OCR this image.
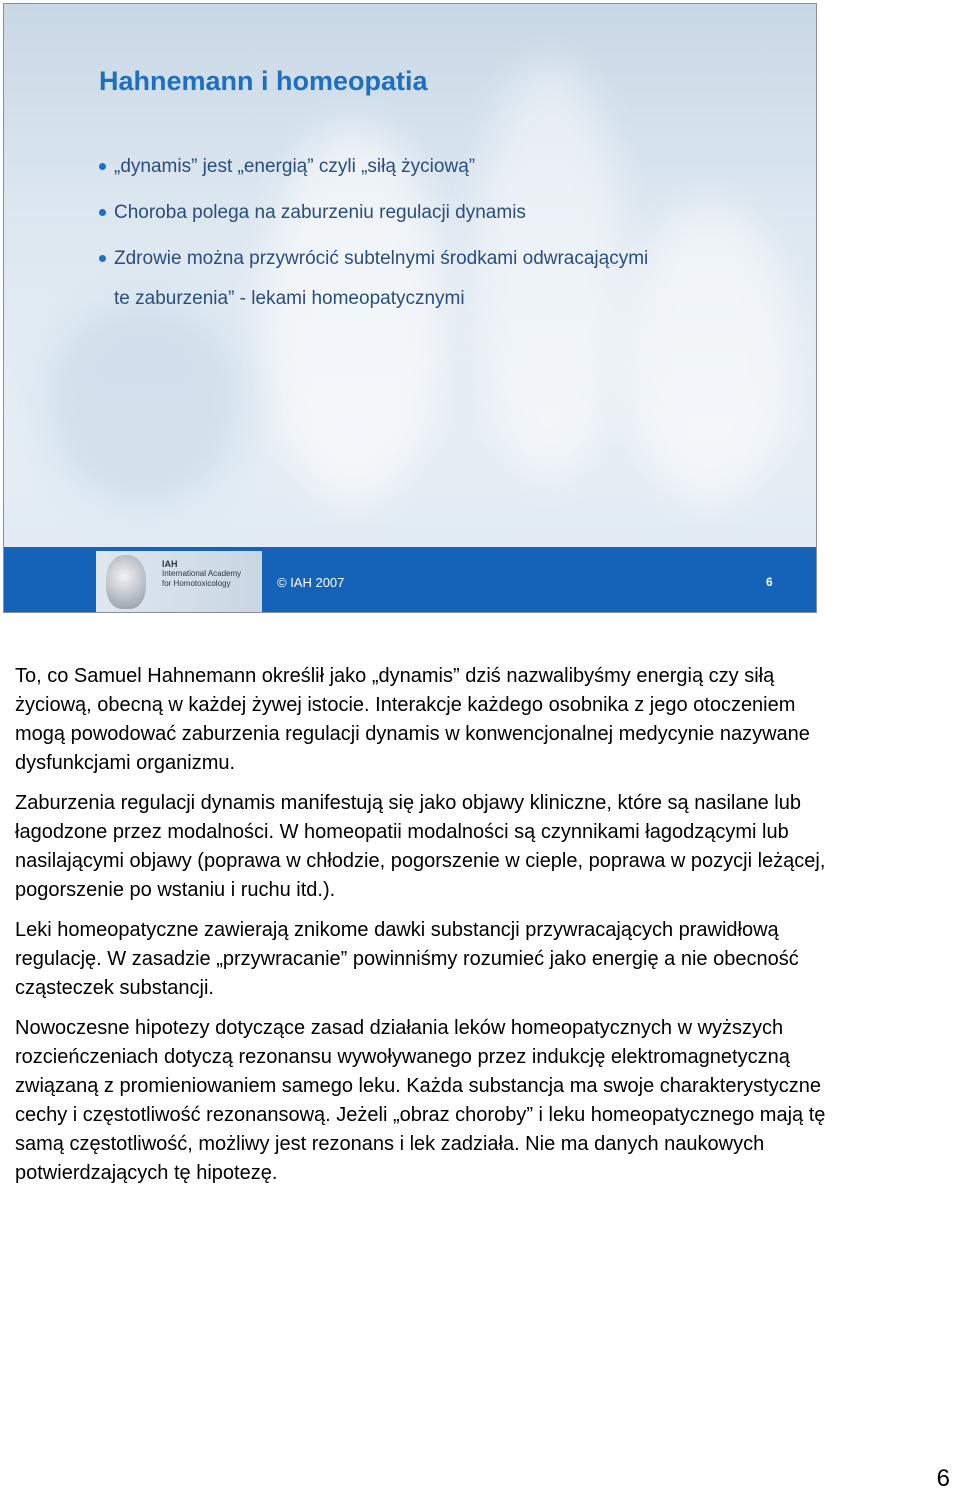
Hahnemann i homeopatia
„dynamis” jest „energią” czyli „siłą życiową”
Choroba polega na zaburzeniu regulacji dynamis
Zdrowie można przywrócić subtelnymi środkami odwracającymi
te zaburzenia” - lekami homeopatycznymi
IAH
International Academy
for Homotoxicology	© IAH 2007	6

To, co Samuel Hahnemann określił jako „dynamis” dziś nazwalibyśmy energią czy siłą życiową, obecną w każdej żywej istocie. Interakcje każdego osobnika z jego otoczeniem mogą powodować zaburzenia regulacji dynamis w konwencjonalnej medycynie nazywane dysfunkcjami organizmu.

Zaburzenia regulacji dynamis manifestują się jako objawy kliniczne, które są nasilane lub łagodzone przez modalności. W homeopatii modalności są czynnikami łagodzącymi lub nasilającymi objawy (poprawa w chłodzie, pogorszenie w cieple, poprawa w pozycji leżącej, pogorszenie po wstaniu i ruchu itd.).

Leki homeopatyczne zawierają znikome dawki substancji przywracających prawidłową regulację. W zasadzie „przywracanie” powinniśmy rozumieć jako energię a nie obecność cząsteczek substancji.

Nowoczesne hipotezy dotyczące zasad działania leków homeopatycznych w wyższych rozcieńczeniach dotyczą rezonansu wywoływanego przez indukcję elektromagnetyczną związaną z promieniowaniem samego leku. Każda substancja ma swoje charakterystyczne cechy i częstotliwość rezonansową. Jeżeli „obraz choroby” i leku homeopatycznego mają tę samą częstotliwość, możliwy jest rezonans i lek zadziała. Nie ma danych naukowych potwierdzających tę hipotezę.

6
